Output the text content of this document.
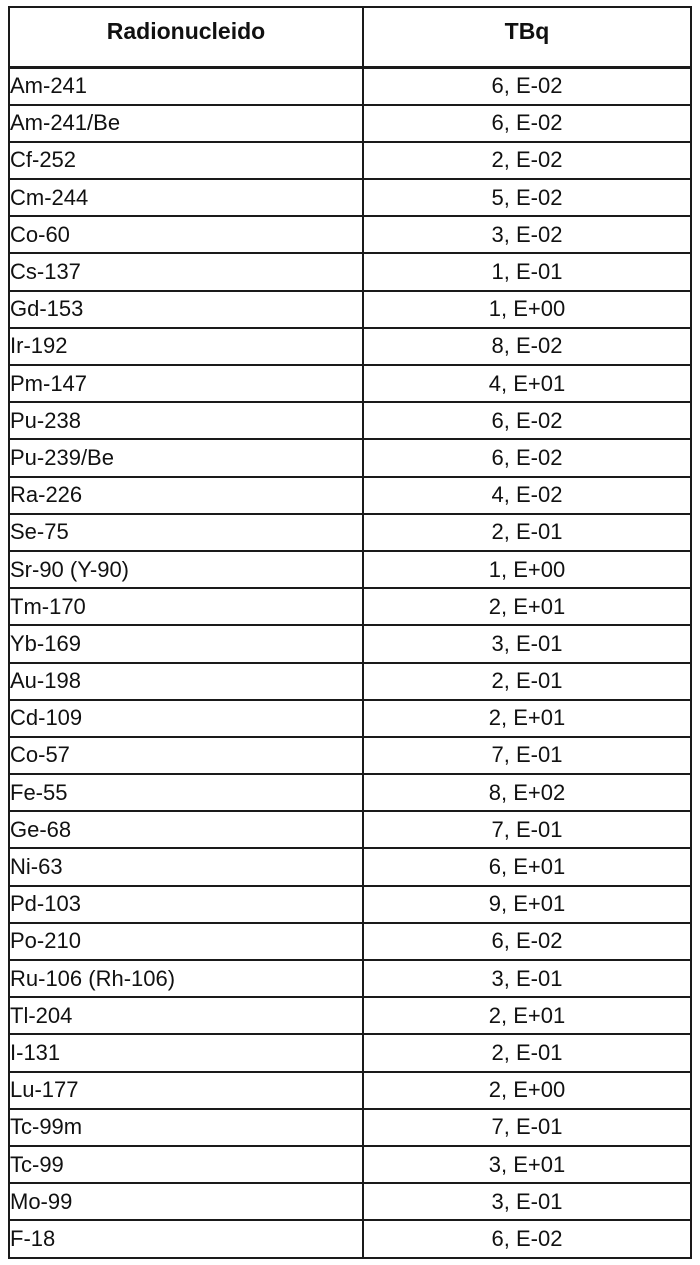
Radionucleido	TBq
Am-241	6, E-02
Am-241/Be	6, E-02
Cf-252	2, E-02
Cm-244	5, E-02
Co-60	3, E-02
Cs-137	1, E-01
Gd-153	1, E+00
Ir-192	8, E-02
Pm-147	4, E+01
Pu-238	6, E-02
Pu-239/Be	6, E-02
Ra-226	4, E-02
Se-75	2, E-01
Sr-90 (Y-90)	1, E+00
Tm-170	2, E+01
Yb-169	3, E-01
Au-198	2, E-01
Cd-109	2, E+01
Co-57	7, E-01
Fe-55	8, E+02
Ge-68	7, E-01
Ni-63	6, E+01
Pd-103	9, E+01
Po-210	6, E-02
Ru-106 (Rh-106)	3, E-01
Tl-204	2, E+01
I-131	2, E-01
Lu-177	2, E+00
Tc-99m	7, E-01
Tc-99	3, E+01
Mo-99	3, E-01
F-18	6, E-02
